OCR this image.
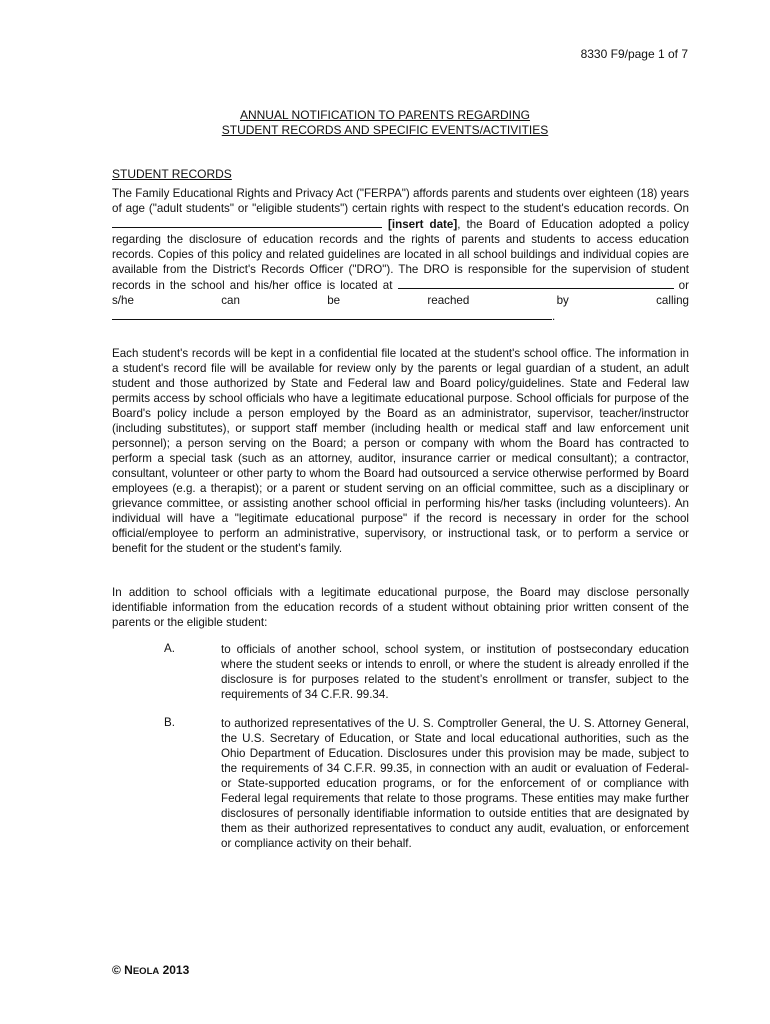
8330 F9/page 1 of 7
ANNUAL NOTIFICATION TO PARENTS REGARDING
STUDENT RECORDS AND SPECIFIC EVENTS/ACTIVITIES
STUDENT RECORDS

The Family Educational Rights and Privacy Act ("FERPA") affords parents and students over eighteen (18) years of age ("adult students" or "eligible students") certain rights with respect to the student's education records. On  [insert date], the Board of Education adopted a policy regarding the disclosure of education records and the rights of parents and students to access education records. Copies of this policy and related guidelines are located in all school buildings and individual copies are available from the District's Records Officer ("DRO"). The DRO is responsible for the supervision of student records in the school and his/her office is located at	or s/he can be reached by calling .

Each student's records will be kept in a confidential file located at the student's school office. The information in a student's record file will be available for review only by the parents or legal guardian of a student, an adult student and those authorized by State and Federal law and Board policy/guidelines. State and Federal law permits access by school officials who have a legitimate educational purpose. School officials for purpose of the Board's policy include a person employed by the Board as an administrator, supervisor, teacher/instructor (including substitutes), or support staff member (including health or medical staff and law enforcement unit personnel); a person serving on the Board; a person or company with whom the Board has contracted to perform a special task (such as an attorney, auditor, insurance carrier or medical consultant); a contractor, consultant, volunteer or other party to whom the Board had outsourced a service otherwise performed by Board employees (e.g. a therapist); or a parent or student serving on an official committee, such as a disciplinary or grievance committee, or assisting another school official in performing his/her tasks (including volunteers). An individual will have a "legitimate educational purpose" if the record is necessary in order for the school official/employee to perform an administrative, supervisory, or instructional task, or to perform a service or benefit for the student or the student's family.

In addition to school officials with a legitimate educational purpose, the Board may disclose personally identifiable information from the education records of a student without obtaining prior written consent of the parents or the eligible student:

A.	to officials of another school, school system, or institution of postsecondary education where the student seeks or intends to enroll, or where the student is already enrolled if the disclosure is for purposes related to the student’s enrollment or transfer, subject to the requirements of 34 C.F.R. 99.34.

B.	to authorized representatives of the U. S. Comptroller General, the U. S. Attorney General, the U.S. Secretary of Education, or State and local educational authorities, such as the Ohio Department of Education. Disclosures under this provision may be made, subject to the requirements of 34 C.F.R. 99.35, in connection with an audit or evaluation of Federal- or State-supported education programs, or for the enforcement of or compliance with Federal legal requirements that relate to those programs. These entities may make further disclosures of personally identifiable information to outside entities that are designated by them as their authorized representatives to conduct any audit, evaluation, or enforcement or compliance activity on their behalf.

© NEOLA 2013
